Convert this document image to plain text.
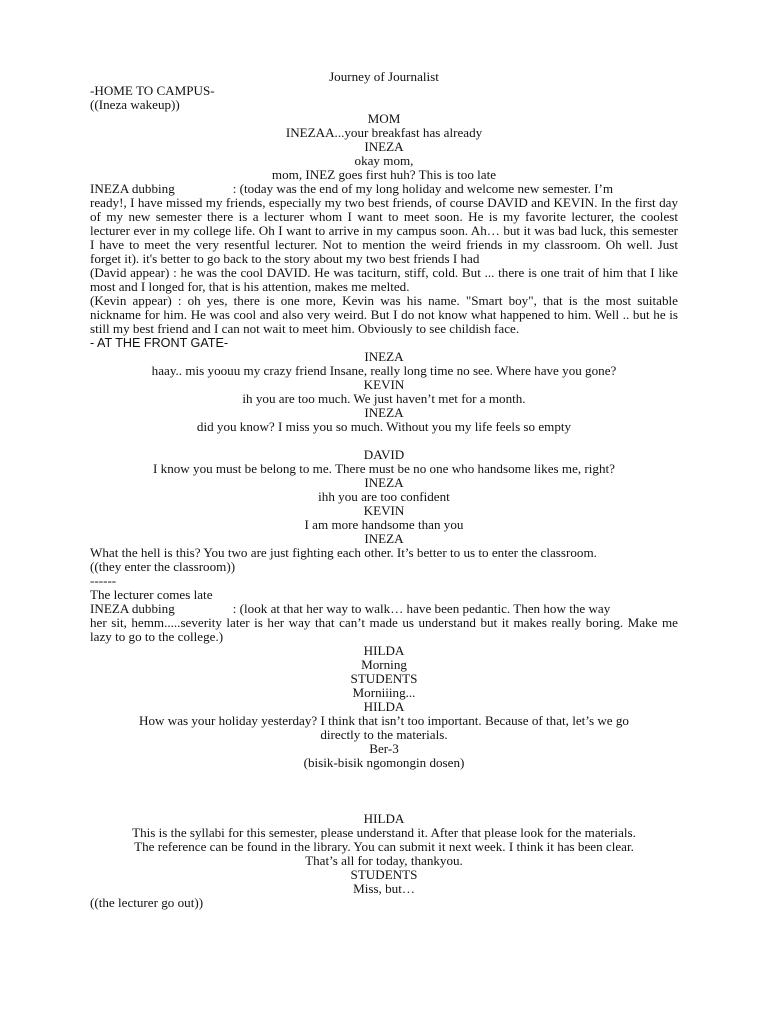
Journey of Journalist
-HOME TO CAMPUS-
((Ineza wakeup))
MOM
INEZAA...your breakfast has already
INEZA
okay mom,
mom, INEZ goes first huh? This is too late
INEZA dubbing	: (today was the end of my long holiday and welcome new semester. I’m
ready!, I have missed my friends, especially my two best friends, of course DAVID and KEVIN. In the first day of my new semester there is a lecturer whom I want to meet soon. He is my favorite lecturer, the coolest lecturer ever in my college life. Oh I want to arrive in my campus soon. Ah… but it was bad luck, this semester I have to meet the very resentful lecturer. Not to mention the weird friends in my classroom. Oh well. Just forget it). it's better to go back to the story about my two best friends I had
(David appear) : he was the cool DAVID. He was taciturn, stiff, cold. But ... there is one trait of him that I like most and I longed for, that is his attention, makes me melted.
(Kevin appear) : oh yes, there is one more, Kevin was his name. "Smart boy", that is the most suitable nickname for him. He was cool and also very weird. But I do not know what happened to him. Well .. but he is still my best friend and I can not wait to meet him. Obviously to see childish face.
- AT THE FRONT GATE-
INEZA
haay.. mis yoouu my crazy friend Insane, really long time no see. Where have you gone?
KEVIN
ih you are too much. We just haven’t met for a month.
INEZA
did you know? I miss you so much. Without you my life feels so empty
DAVID
I know you must be belong to me. There must be no one who handsome likes me, right?
INEZA
ihh you are too confident
KEVIN
I am more handsome than you
INEZA
What the hell is this? You two are just fighting each other. It’s better to us to enter the classroom.
((they enter the classroom))
------
The lecturer comes late
INEZA dubbing	: (look at that her way to walk… have been pedantic. Then how the way
her sit, hemm.....severity later is her way that can’t made us understand but it makes really boring. Make me lazy to go to the college.)
HILDA
Morning
STUDENTS
Morniiing...
HILDA
How was your holiday yesterday? I think that isn’t too important. Because of that, let’s we go
directly to the materials.
Ber-3
(bisik-bisik ngomongin dosen)
HILDA
This is the syllabi for this semester, please understand it. After that please look for the materials.
The reference can be found in the library. You can submit it next week. I think it has been clear.
That’s all for today, thankyou.
STUDENTS
Miss, but…
((the lecturer go out))
